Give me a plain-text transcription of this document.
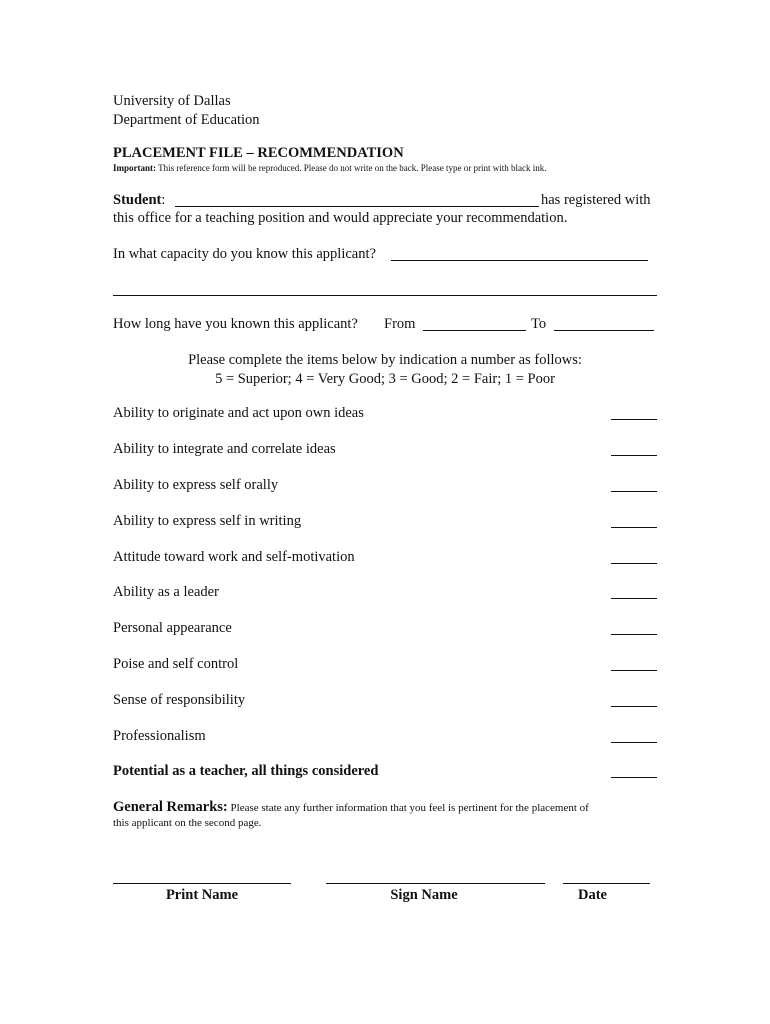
University of Dallas
Department of Education
PLACEMENT FILE – RECOMMENDATION
Important: This reference form will be reproduced. Please do not write on the back. Please type or print with black ink.
Student:	has registered with
this office for a teaching position and would appreciate your recommendation.
In what capacity do you know this applicant?
How long have you known this applicant? From	To
Please complete the items below by indication a number as follows:
5 = Superior; 4 = Very Good; 3 = Good; 2 = Fair; 1 = Poor
Ability to originate and act upon own ideas
Ability to integrate and correlate ideas
Ability to express self orally
Ability to express self in writing
Attitude toward work and self-motivation
Ability as a leader
Personal appearance
Poise and self control
Sense of responsibility
Professionalism
Potential as a teacher, all things considered
General Remarks: Please state any further information that you feel is pertinent for the placement of
this applicant on the second page.
Print Name	Sign Name	Date
